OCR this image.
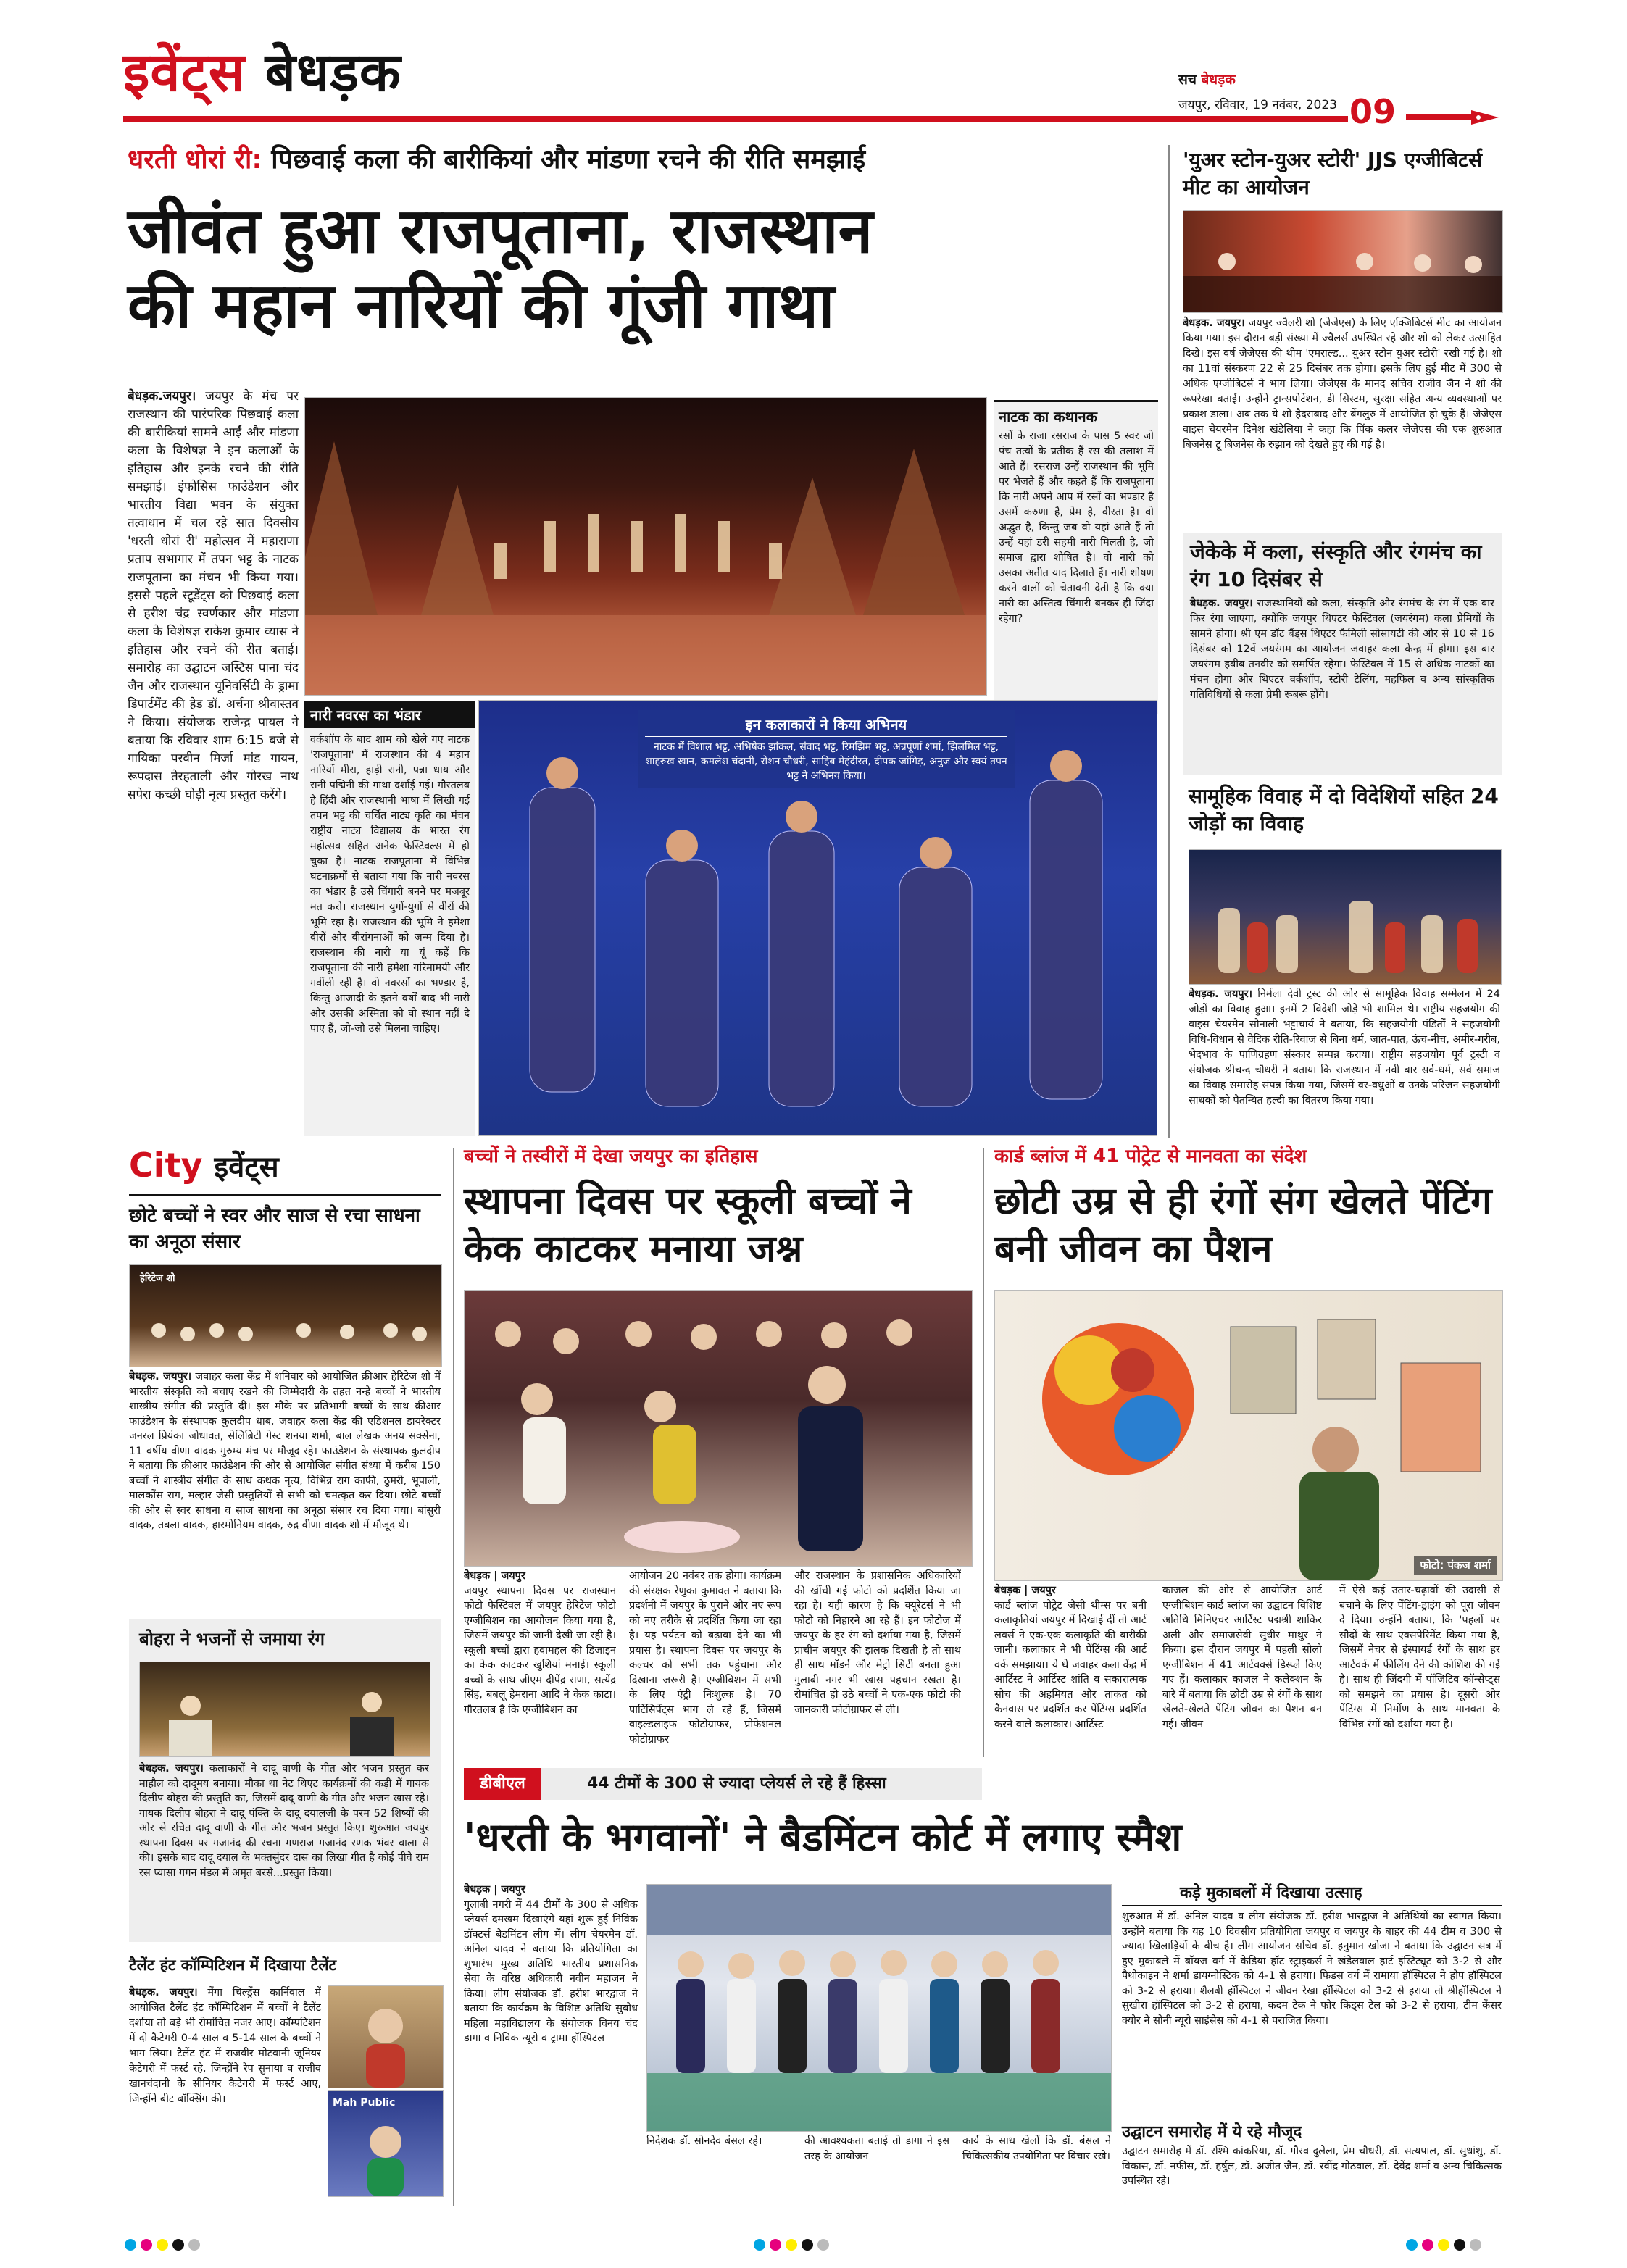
इवेंट्स बेधड़क	सच बेधड़क
जयपुर, रविवार, 19 नवंबर, 2023 09
धरती धोरां री: पिछवाई कला की बारीकियां और मांडणा रचने की रीति समझाई
जीवंत हुआ राजपूताना, राजस्थान
की महान नारियों की गूंजी गाथा
बेधड़क.जयपुर। जयपुर के मंच पर राजस्थान की पारंपरिक पिछवाई कला की बारीकियां सामने आईं और मांडणा कला के विशेषज्ञ ने इन कलाओं के इतिहास और इनके रचने की रीति समझाई। इंफोसिस फाउंडेशन और भारतीय विद्या भवन के संयुक्त तत्वाधान में चल रहे सात दिवसीय 'धरती धोरां री' महोत्सव में महाराणा प्रताप सभागार में तपन भट्ट के नाटक राजपूताना का मंचन भी किया गया। इससे पहले स्टूडेंट्स को पिछवाई कला से हरीश चंद्र स्वर्णकार और मांडणा कला के विशेषज्ञ राकेश कुमार व्यास ने इतिहास और रचने की रीत बताई। समारोह का उद्घाटन जस्टिस पाना चंद जैन और राजस्थान यूनिवर्सिटी के ड्रामा डिपार्टमेंट की हेड डॉ. अर्चना श्रीवास्तव ने किया। संयोजक राजेन्द्र पायल ने बताया कि रविवार शाम 6:15 बजे से गायिका परवीन मिर्जा मांड गायन, रूपदास तेरहताली और गोरख नाथ सपेरा कच्छी घोड़ी नृत्य प्रस्तुत करेंगे।
नाटक का कथानक
रसों के राजा रसराज के पास 5 स्वर जो पंच तत्वों के प्रतीक हैं रस की तलाश में आते हैं। रसराज उन्हें राजस्थान की भूमि पर भेजते हैं और कहते हैं कि राजपूताना कि नारी अपने आप में रसों का भण्डार है उसमें करुणा है, प्रेम है, वीरता है। वो अद्भुत है, किन्तु जब वो यहां आते हैं तो उन्हें यहां डरी सहमी नारी मिलती है, जो समाज द्वारा शोषित है। वो नारी को उसका अतीत याद दिलाते हैं। नारी शोषण करने वालों को चेतावनी देती है कि क्या नारी का अस्तित्व चिंगारी बनकर ही जिंदा रहेगा?
नारी नवरस का भंडार
वर्कशॉप के बाद शाम को खेले गए नाटक 'राजपूताना' में राजस्थान की 4 महान नारियों मीरा, हाड़ी रानी, पन्ना धाय और रानी पद्मिनी की गाथा दर्शाई गई। गौरतलब है हिंदी और राजस्थानी भाषा में लिखी गई तपन भट्ट की चर्चित नाट्य कृति का मंचन राष्ट्रीय नाट्य विद्यालय के भारत रंग महोत्सव सहित अनेक फेस्टिवल्स में हो चुका है। नाटक राजपूताना में विभिन्न घटनाक्रमों से बताया गया कि नारी नवरस का भंडार है उसे चिंगारी बनने पर मजबूर मत करो। राजस्थान युगों-युगों से वीरों की भूमि रहा है। राजस्थान की भूमि ने हमेशा वीरों और वीरांगनाओं को जन्म दिया है। राजस्थान की नारी या यूं कहें कि राजपूताना की नारी हमेशा गरिमामयी और गर्वीली रही है। वो नवरसों का भण्डार है, किन्तु आजादी के इतने वर्षों बाद भी नारी और उसकी अस्मिता को वो स्थान नहीं दे पाए हैं, जो-जो उसे मिलना चाहिए।
इन कलाकारों ने किया अभिनय
नाटक में विशाल भट्ट, अभिषेक झांकल, संवाद भट्ट, रिमझिम भट्ट, अन्नपूर्णा शर्मा, झिलमिल भट्ट, शाहरुख खान, कमलेश चंदानी, रोशन चौधरी, साहिब मेहंदीरत, दीपक जांगिड़, अनुज और स्वयं तपन भट्ट ने अभिनय किया।
'युअर स्टोन-युअर स्टोरी' JJS एग्जीबिटर्स मीट का आयोजन
बेधड़क. जयपुर। जयपुर ज्वैलरी शो (जेजेएस) के लिए एक्जिबिटर्स मीट का आयोजन किया गया। इस दौरान बड़ी संख्या में ज्वैलर्स उपस्थित रहे और शो को लेकर उत्साहित दिखे। इस वर्ष जेजेएस की थीम 'एमराल्ड... युअर स्टोन युअर स्टोरी' रखी गई है। शो का 11वां संस्करण 22 से 25 दिसंबर तक होगा। इसके लिए हुई मीट में 300 से अधिक एग्जीबिटर्स ने भाग लिया। जेजेएस के मानद सचिव राजीव जैन ने शो की रूपरेखा बताई। उन्होंने ट्रान्सपोर्टेशन, डी सिस्टम, सुरक्षा सहित अन्य व्यवस्थाओं पर प्रकाश डाला। अब तक ये शो हैदराबाद और बेंगलुरु में आयोजित हो चुके हैं। जेजेएस वाइस चेयरमैन दिनेश खंडेलिया ने कहा कि पिंक कलर जेजेएस की एक शुरुआत बिजनेस टू बिजनेस के रुझान को देखते हुए की गई है।
जेकेके में कला, संस्कृति और रंगमंच का रंग 10 दिसंबर से
बेधड़क. जयपुर। राजस्थानियों को कला, संस्कृति और रंगमंच के रंग में एक बार फिर रंगा जाएगा, क्योंकि जयपुर थिएटर फेस्टिवल (जयरंगम) कला प्रेमियों के सामने होगा। श्री एम डॉट बैंड्स थिएटर फैमिली सोसायटी की ओर से 10 से 16 दिसंबर को 12वें जयरंगम का आयोजन जवाहर कला केन्द्र में होगा। इस बार जयरंगम हबीब तनवीर को समर्पित रहेगा। फेस्टिवल में 15 से अधिक नाटकों का मंचन होगा और थिएटर वर्कशॉप, स्टोरी टेलिंग, महफिल व अन्य सांस्कृतिक गतिविधियों से कला प्रेमी रूबरू होंगे।
सामूहिक विवाह में दो विदेशियों सहित 24 जोड़ों का विवाह
बेधड़क. जयपुर। निर्मला देवी ट्रस्ट की ओर से सामूहिक विवाह सम्मेलन में 24 जोड़ों का विवाह हुआ। इनमें 2 विदेशी जोड़े भी शामिल थे। राष्ट्रीय सहजयोग की वाइस चेयरमैन सोनाली भट्टाचार्य ने बताया, कि सहजयोगी पंडितों ने सहजयोगी विधि-विधान से वैदिक रीति-रिवाज से बिना धर्म, जात-पात, ऊंच-नीच, अमीर-गरीब, भेदभाव के पाणिग्रहण संस्कार सम्पन्न कराया। राष्ट्रीय सहजयोग पूर्व ट्रस्टी व संयोजक श्रीचन्द चौधरी ने बताया कि राजस्थान में नवी बार सर्व-धर्म, सर्व समाज का विवाह समारोह संपन्न किया गया, जिसमें वर-वधुओं व उनके परिजन सहजयोगी साधकों को पैतन्यित हल्दी का वितरण किया गया।
City इवेंट्स
छोटे बच्चों ने स्वर और साज से रचा साधना का अनूठा संसार
हेरिटेज शो
बेधड़क. जयपुर। जवाहर कला केंद्र में शनिवार को आयोजित क्रीआर हेरिटेज शो में भारतीय संस्कृति को बचाए रखने की जिम्मेदारी के तहत नन्हे बच्चों ने भारतीय शास्त्रीय संगीत की प्रस्तुति दी। इस मौके पर प्रतिभागी बच्चों के साथ क्रीआर फाउंडेशन के संस्थापक कुलदीप धाब, जवाहर कला केंद्र की एडिशनल डायरेक्टर जनरल प्रियंका जोधावत, सेलिब्रिटी गेस्ट शनया शर्मा, बाल लेखक अनय सक्सेना, 11 वर्षीय वीणा वादक गुरुम्य मंच पर मौजूद रहे। फाउंडेशन के संस्थापक कुलदीप ने बताया कि क्रीआर फाउंडेशन की ओर से आयोजित संगीत संध्या में करीब 150 बच्चों ने शास्त्रीय संगीत के साथ कथक नृत्य, विभिन्न राग काफी, ठुमरी, भूपाली, मालकौंस राग, मल्हार जैसी प्रस्तुतियों से सभी को चमत्कृत कर दिया। छोटे बच्चों की ओर से स्वर साधना व साज साधना का अनूठा संसार रच दिया गया। बांसुरी वादक, तबला वादक, हारमोनियम वादक, रुद्र वीणा वादक शो में मौजूद थे।
बोहरा ने भजनों से जमाया रंग
बेधड़क. जयपुर। कलाकारों ने दादू वाणी के गीत और भजन प्रस्तुत कर माहौल को दादूमय बनाया। मौका था नेट थिएट कार्यक्रमों की कड़ी में गायक दिलीप बोहरा की प्रस्तुति का, जिसमें दादू वाणी के गीत और भजन खास रहे। गायक दिलीप बोहरा ने दादू पंक्ति के दादू दयालजी के परम 52 शिष्यों की ओर से रचित दादू वाणी के गीत और भजन प्रस्तुत किए। शुरुआत जयपुर स्थापना दिवस पर गजानंद की रचना गणराज गजानंद रणक भंवर वाला से की। इसके बाद दादू दयाल के भक्तसुंदर दास का लिखा गीत है कोई पीवे राम रस प्यासा गगन मंडल में अमृत बरसे...प्रस्तुत किया।
टैलेंट हंट कॉम्पिटिशन में दिखाया टैलेंट
बेधड़क. जयपुर। मैंगा चिल्ड्रेंस कार्निवाल में आयोजित टैलेंट हंट कॉम्पिटिशन में बच्चों ने टैलेंट दर्शाया तो बड़े भी रोमांचित नजर आए। कॉम्पटिशन में दो कैटेगरी 0-4 साल व 5-14 साल के बच्चों ने भाग लिया। टैलेंट हंट में राजवीर मोटवानी जूनियर कैटेगरी में फर्स्ट रहे, जिन्होंने रैप सुनाया व राजीव खानचंदानी के सीनियर कैटेगरी में फर्स्ट आए, जिन्होंने बीट बॉक्सिंग की।	Mah Public
बच्चों ने तस्वीरों में देखा जयपुर का इतिहास
स्थापना दिवस पर स्कूली बच्चों ने केक काटकर मनाया जश्न
बेधड़क | जयपुर
जयपुर स्थापना दिवस पर राजस्थान फोटो फेस्टिवल में जयपुर हेरिटेज फोटो एग्जीबिशन का आयोजन किया गया है, जिसमें जयपुर की जानी देखी जा रही है। स्कूली बच्चों द्वारा हवामहल की डिजाइन का केक काटकर खुशियां मनाई। स्कूली बच्चों के साथ जीएम दीपेंद्र राणा, सत्येंद्र सिंह, बबलू हेमराना आदि ने केक काटा। गौरतलब है कि एग्जीबिशन का
आयोजन 20 नवंबर तक होगा। कार्यक्रम की संरक्षक रेणुका कुमावत ने बताया कि प्रदर्शनी में जयपुर के पुराने और नए रूप को नए तरीके से प्रदर्शित किया जा रहा है। यह पर्यटन को बढ़ावा देने का भी प्रयास है। स्थापना दिवस पर जयपुर के कल्चर को सभी तक पहुंचाना और दिखाना जरूरी है। एग्जीबिशन में सभी के लिए एंट्री निःशुल्क है। 70 पार्टिसिपेंट्स भाग ले रहे हैं, जिसमें वाइल्डलाइफ फोटोग्राफर, प्रोफेशनल फोटोग्राफर
और राजस्थान के प्रशासनिक अधिकारियों की खींची गई फोटो को प्रदर्शित किया जा रहा है। यही कारण है कि क्यूरेटर्स ने भी फोटो को निहारने आ रहे हैं। इन फोटोज में जयपुर के हर रंग को दर्शाया गया है, जिसमें प्राचीन जयपुर की झलक दिखती है तो साथ ही साथ मॉडर्न और मेट्रो सिटी बनता हुआ गुलाबी नगर भी खास पहचान रखता है। रोमांचित हो उठे बच्चों ने एक-एक फोटो की जानकारी फोटोग्राफर से ली।
कार्ड ब्लांज में 41 पोट्रेट से मानवता का संदेश
छोटी उम्र से ही रंगों संग खेलते पेंटिंग बनी जीवन का पैशन
फोटो: पंकज शर्मा
बेधड़क | जयपुर
कार्ड ब्लांज पोट्रेट जैसी थीम्स पर बनी कलाकृतियां जयपुर में दिखाई दीं तो आर्ट लवर्स ने एक-एक कलाकृति की बारीकी जानी। कलाकार ने भी पेंटिंग्स की आर्ट वर्क समझाया। ये थे जवाहर कला केंद्र में आर्टिस्ट ने आर्टिस्ट शांति व सकारात्मक सोच की अहमियत और ताकत को कैनवास पर प्रदर्शित कर पेंटिंग्स प्रदर्शित करने वाले कलाकार। आर्टिस्ट
काजल की ओर से आयोजित आर्ट एग्जीबिशन कार्ड ब्लांज का उद्घाटन विशिष्ट अतिथि मिनिएचर आर्टिस्ट पद्मश्री शाकिर अली और समाजसेवी सुधीर माथुर ने किया। इस दौरान जयपुर में पहली सोलो एग्जीबिशन में 41 आर्टवर्क्स डिस्प्ले किए गए हैं। कलाकार काजल ने कलेक्शन के बारे में बताया कि छोटी उम्र से रंगों के साथ खेलते-खेलते पेंटिंग जीवन का पैशन बन गई। जीवन
में ऐसे कई उतार-चढ़ावों की उदासी से बचाने के लिए पेंटिंग-ड्राइंग को पूरा जीवन दे दिया। उन्होंने बताया, कि 'पहलों पर सौदों के साथ एक्सपेरिमेंट किया गया है, जिसमें नेचर से इंस्पायर्ड रंगों के साथ हर आर्टवर्क में फीलिंग देने की कोशिश की गई है। साथ ही जिंदगी में पॉजिटिव कॉन्सेप्ट्स को समझने का प्रयास है। दूसरी ओर पेंटिंग्स में निर्माेण के साथ मानवता के विभिन्न रंगों को दर्शाया गया है।
डीबीएल	44 टीमों के 300 से ज्यादा प्लेयर्स ले रहे हैं हिस्सा
'धरती के भगवानों' ने बैडमिंटन कोर्ट में लगाए स्मैश
बेधड़क | जयपुर
गुलाबी नगरी में 44 टीमों के 300 से अधिक प्लेयर्स दमखम दिखाएंगे यहां शुरू हुई निविक डॉक्टर्स बैडमिंटन लीग में। लीग चेयरमैन डॉ. अनिल यादव ने बताया कि प्रतियोगिता का शुभारंभ मुख्य अतिथि भारतीय प्रशासनिक सेवा के वरिष्ठ अधिकारी नवीन महाजन ने किया। लीग संयोजक डॉ. हरीश भारद्वाज ने बताया कि कार्यक्रम के विशिष्ट अतिथि सुबोध महिला महाविद्यालय के संयोजक विनय चंद डागा व निविक न्यूरो व ट्रामा हॉस्पिटल
निदेशक डॉ. सोनदेव बंसल रहे।	की आवश्यकता बताई तो डागा ने इस तरह के आयोजन
कार्य के साथ खेलों कि डॉ. बंसल ने चिकित्सकीय उपयोगिता पर विचार रखे।
कड़े मुकाबलों में दिखाया उत्साह
शुरुआत में डॉ. अनिल यादव व लीग संयोजक डॉ. हरीश भारद्वाज ने अतिथियों का स्वागत किया। उन्होंने बताया कि यह 10 दिवसीय प्रतियोगिता जयपुर व जयपुर के बाहर की 44 टीम व 300 से ज्यादा खिलाड़ियों के बीच है। लीग आयोजन सचिव डॉ. हनुमान खोजा ने बताया कि उद्घाटन सत्र में हुए मुकाबले में बॉयज वर्ग में केडिया हॉट स्ट्राइकर्स ने खंडेलवाल हार्ट इंस्टिट्यूट को 3-2 से और पैथोकाइन ने शर्मा डायग्नोस्टिक को 4-1 से हराया। फिडस वर्ग में रामाया हॉस्पिटल ने होप हॉस्पिटल को 3-2 से हराया। शैलबी हॉस्पिटल ने जीवन रेखा हॉस्पिटल को 3-2 से हराया तो श्रीहॉस्पिटल ने सुखीरा हॉस्पिटल को 3-2 से हराया, कदम टेक ने फोर किड्स टेल को 3-2 से हराया, टीम कैंसर क्योर ने सोनी न्यूरो साइंसेस को 4-1 से पराजित किया।
उद्घाटन समारोह में ये रहे मौजूद
उद्घाटन समारोह में डॉ. रश्मि कांकरिया, डॉ. गौरव दुलेला, प्रेम चौधरी, डॉ. सत्यपाल, डॉ. सुधांशु, डॉ. विकास, डॉ. नफीस, डॉ. हर्षुल, डॉ. अजीत जैन, डॉ. रवींद्र गोठवाल, डॉ. देवेंद्र शर्मा व अन्य चिकित्सक उपस्थित रहे।
